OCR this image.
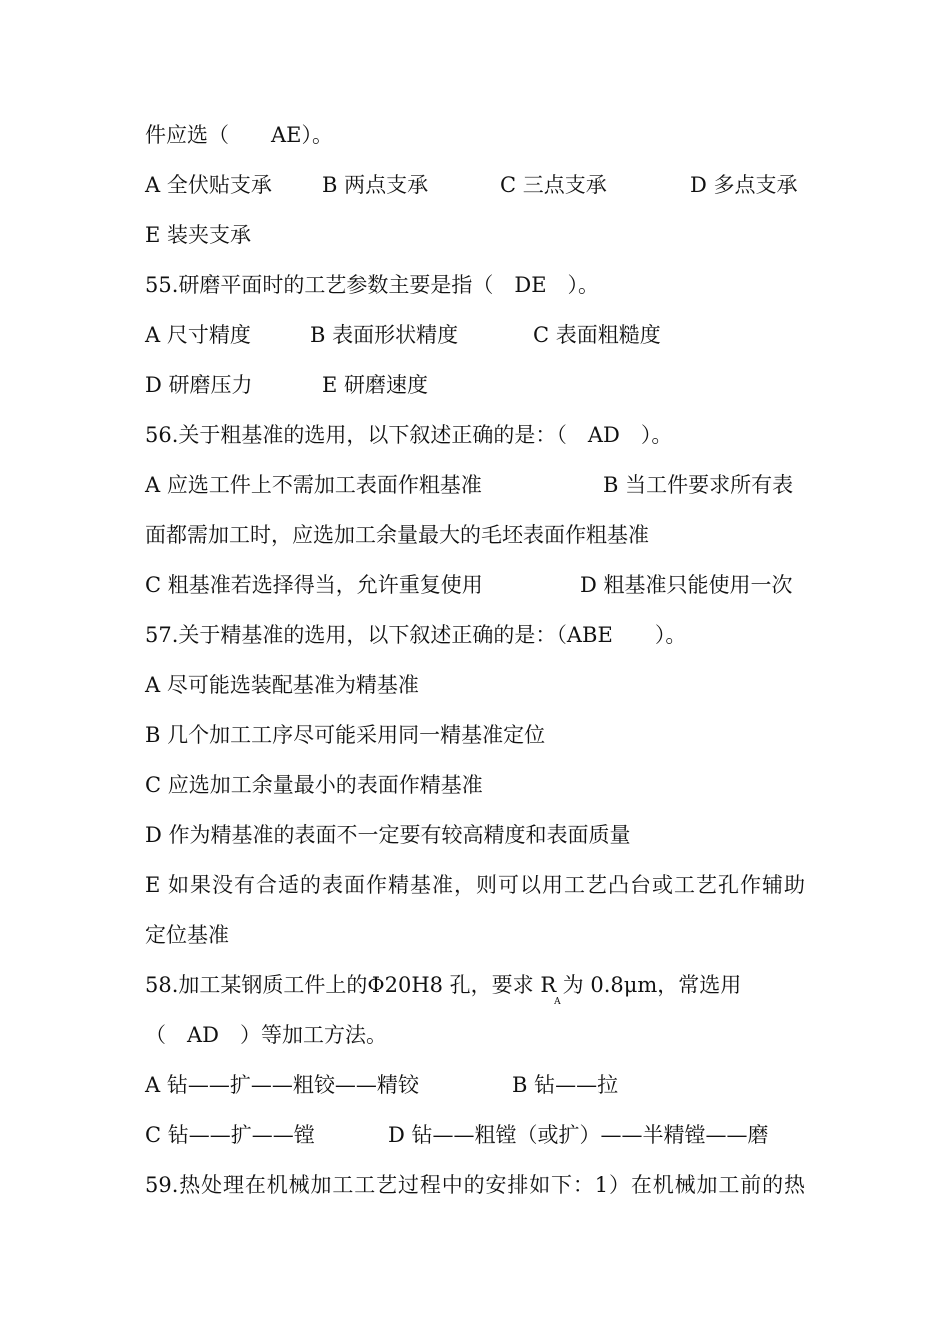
件应选（　　AE）。
A 全伏贴支承 B 两点支承	C 三点支承	D 多点支承
E 装夹支承
55.研磨平面时的工艺参数主要是指（　DE　）。
A 尺寸精度	B 表面形状精度	C 表面粗糙度
D 研磨压力	E 研磨速度
56.关于粗基准的选用，以下叙述正确的是：（　AD　）。
A 应选工件上不需加工表面作粗基准	B 当工件要求所有表
面都需加工时，应选加工余量最大的毛坯表面作粗基准
C 粗基准若选择得当，允许重复使用	D 粗基准只能使用一次
57.关于精基准的选用，以下叙述正确的是：（ABE　　）。
A 尽可能选装配基准为精基准
B 几个加工工序尽可能采用同一精基准定位
C 应选加工余量最小的表面作精基准
D 作为精基准的表面不一定要有较高精度和表面质量
E 如果没有合适的表面作精基准，则可以用工艺凸台或工艺孔作辅助
定位基准
58.加工某钢质工件上的Φ20H8 孔，要求 $R_A$为 0.8μm，常选用
（　AD　）等加工方法。
A 钻——扩——粗铰——精铰	B 钻——拉
C 钻——扩——镗	D 钻——粗镗（或扩）——半精镗——磨
59.热处理在机械加工工艺过程中的安排如下：1）在机械加工前的热
